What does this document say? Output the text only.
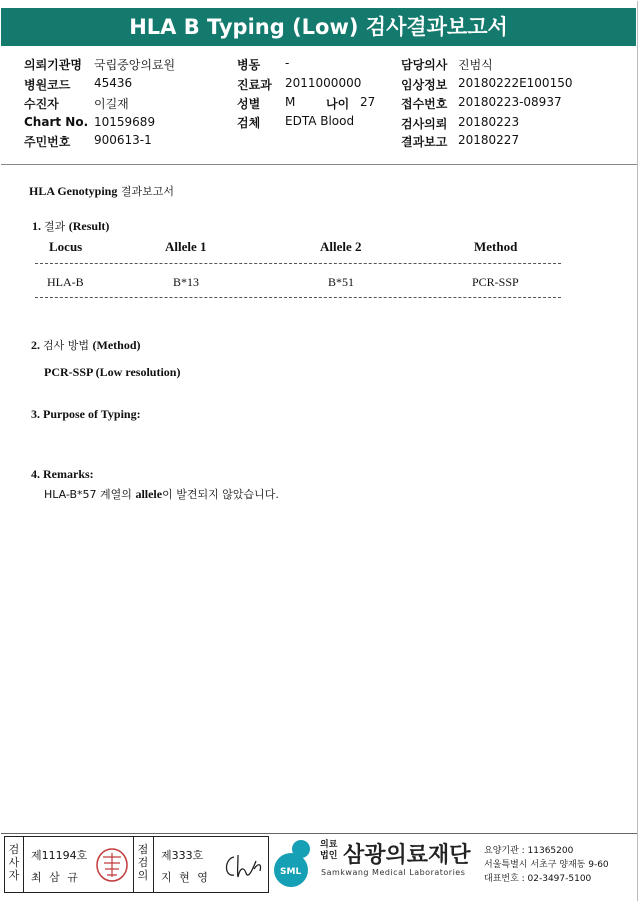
HLA B Typing (Low) 검사결과보고서
의뢰기관명 국립중앙의료원
병원코드 45436
수진자	이길재
Chart No. 10159689
주민번호 900613-1
병동 -
진료과 2011000000
성별 M	나이 27
검체 EDTA Blood
담당의사 진범식
임상정보 20180222E100150
접수번호 20180223-08937
검사의뢰 20180223
결과보고 20180227
HLA Genotyping 결과보고서
1. 결과 (Result)
Locus	Allele 1	Allele 2	Method
HLA-B	B*13	B*51	PCR-SSP
2. 검사 방법 (Method)
PCR-SSP (Low resolution)
3. Purpose of Typing:
4. Remarks:
HLA-B*57 계열의 allele이 발견되지 않았습니다.
검사자
제11194호
최 삼 규
점검의
제333호
지 현 영	SML
의료
법인 삼광의료재단
Samkwang Medical Laboratories
요양기관 : 11365200
서울특별시 서초구 양재동 9-60
대표번호 : 02-3497-5100
